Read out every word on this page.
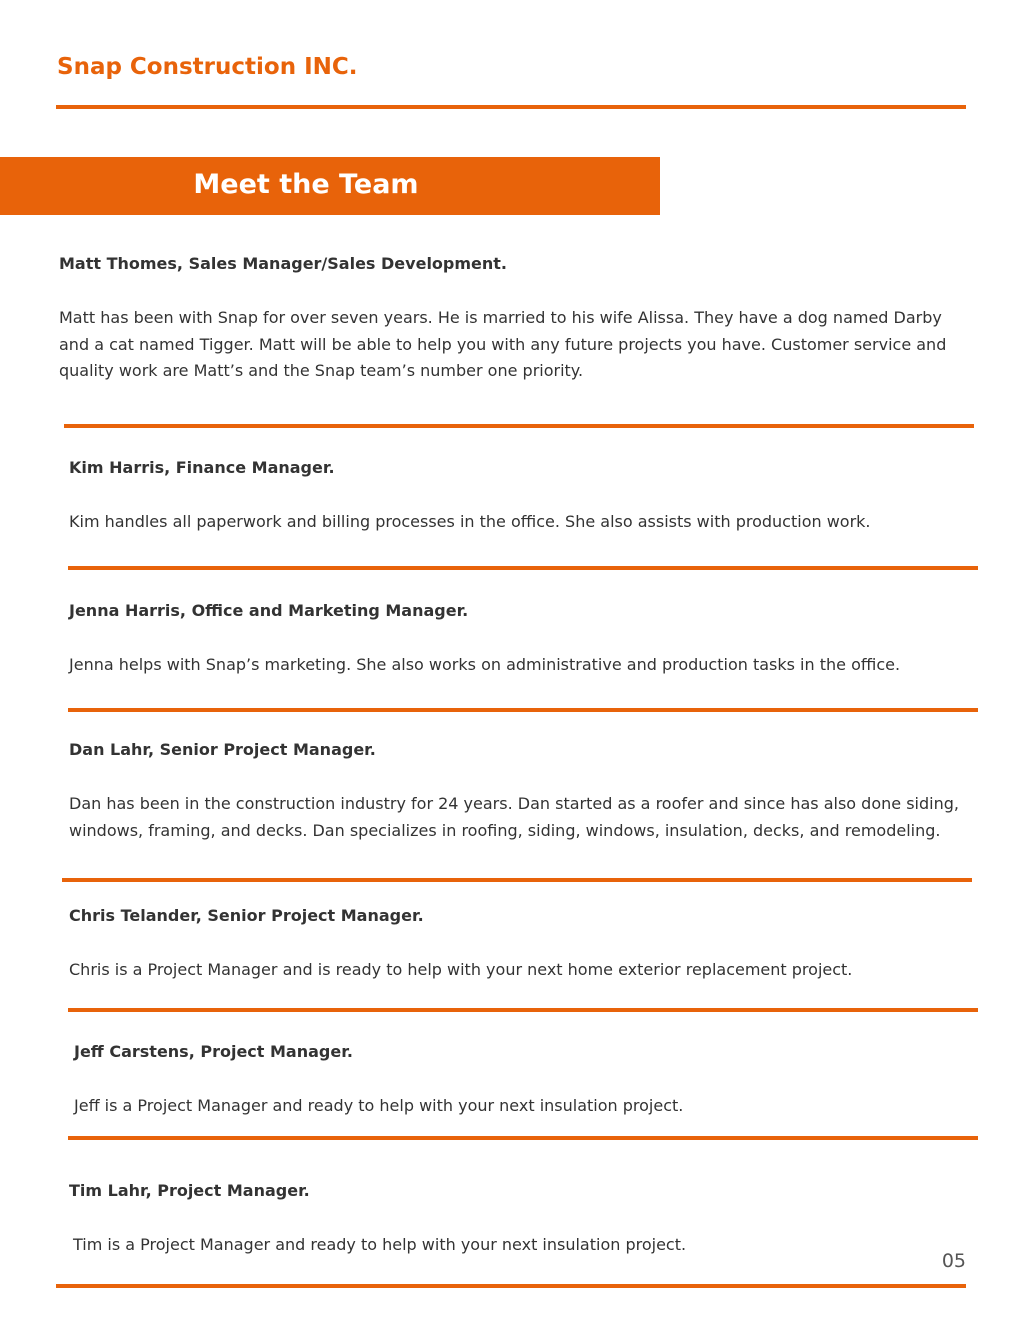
Snap Construction INC.
Meet the Team
Matt Thomes, Sales Manager/Sales Development.
Matt has been with Snap for over seven years. He is married to his wife Alissa. They have a dog named Darby and a cat named Tigger. Matt will be able to help you with any future projects you have. Customer service and quality work are Matt’s and the Snap team’s number one priority.
Kim Harris, Finance Manager.
Kim handles all paperwork and billing processes in the office. She also assists with production work.
Jenna Harris, Office and Marketing Manager.
Jenna helps with Snap’s marketing. She also works on administrative and production tasks in the office.
Dan Lahr, Senior Project Manager.
Dan has been in the construction industry for 24 years. Dan started as a roofer and since has also done siding, windows, framing, and decks. Dan specializes in roofing, siding, windows, insulation, decks, and remodeling.
Chris Telander, Senior Project Manager.
Chris is a Project Manager and is ready to help with your next home exterior replacement project.
Jeff Carstens, Project Manager.
Jeff is a Project Manager and ready to help with your next insulation project.
Tim Lahr, Project Manager.
Tim is a Project Manager and ready to help with your next insulation project.
05
